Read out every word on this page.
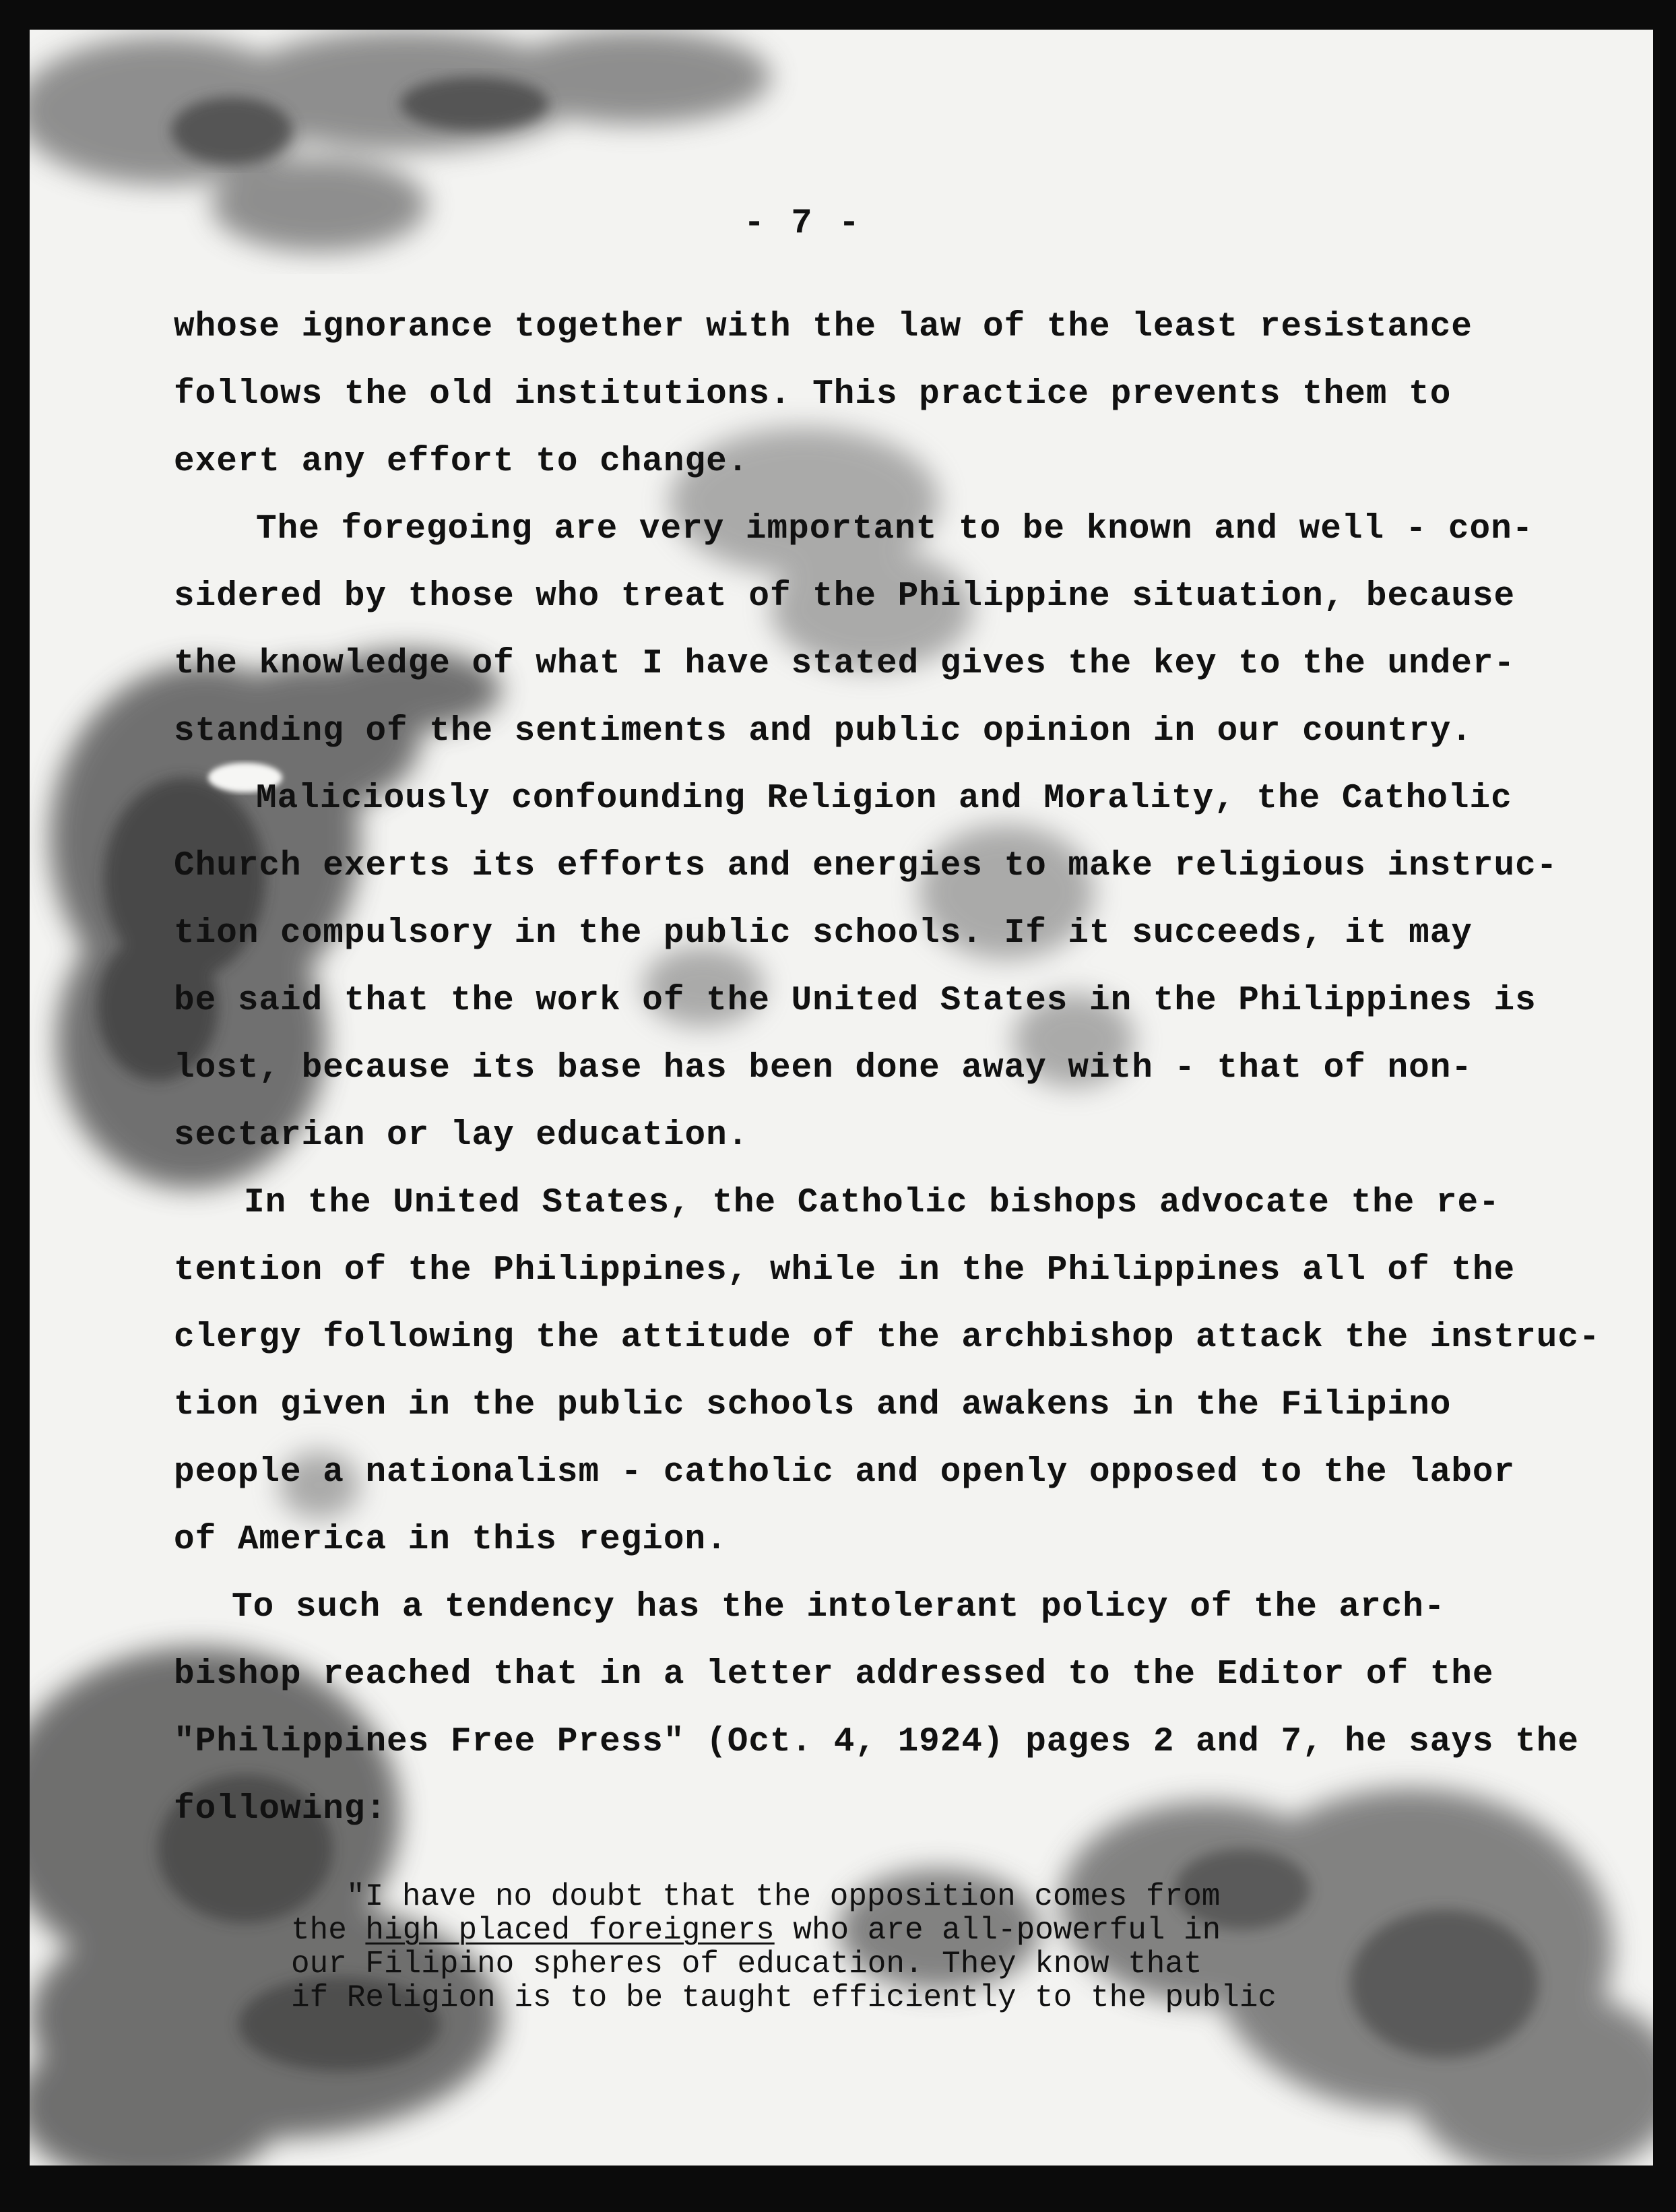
- 7 -
whose ignorance together with the law of the least resistance
follows the old institutions. This practice prevents them to
exert any effort to change.
The foregoing are very important to be known and well - con-
sidered by those who treat of the Philippine situation, because
the knowledge of what I have stated gives the key to the under-
standing of the sentiments and public opinion in our country.
Maliciously confounding Religion and Morality, the Catholic
Church exerts its efforts and energies to make religious instruc-
tion compulsory in the public schools. If it succeeds, it may
be said that the work of the United States in the Philippines is
lost, because its base has been done away with - that of non-
sectarian or lay education.
In the United States, the Catholic bishops advocate the re-
tention of the Philippines, while in the Philippines all of the
clergy following the attitude of the archbishop attack the instruc-
tion given in the public schools and awakens in the Filipino
people a nationalism - catholic and openly opposed to the labor
of America in this region.
To such a tendency has the intolerant policy of the arch-
bishop reached that in a letter addressed to the Editor of the
"Philippines Free Press" (Oct. 4, 1924) pages 2 and 7, he says the
following:
"I have no doubt that the opposition comes from
the high placed foreigners who are all-powerful in
our Filipino spheres of education. They know that
if Religion is to be taught efficiently to the public
